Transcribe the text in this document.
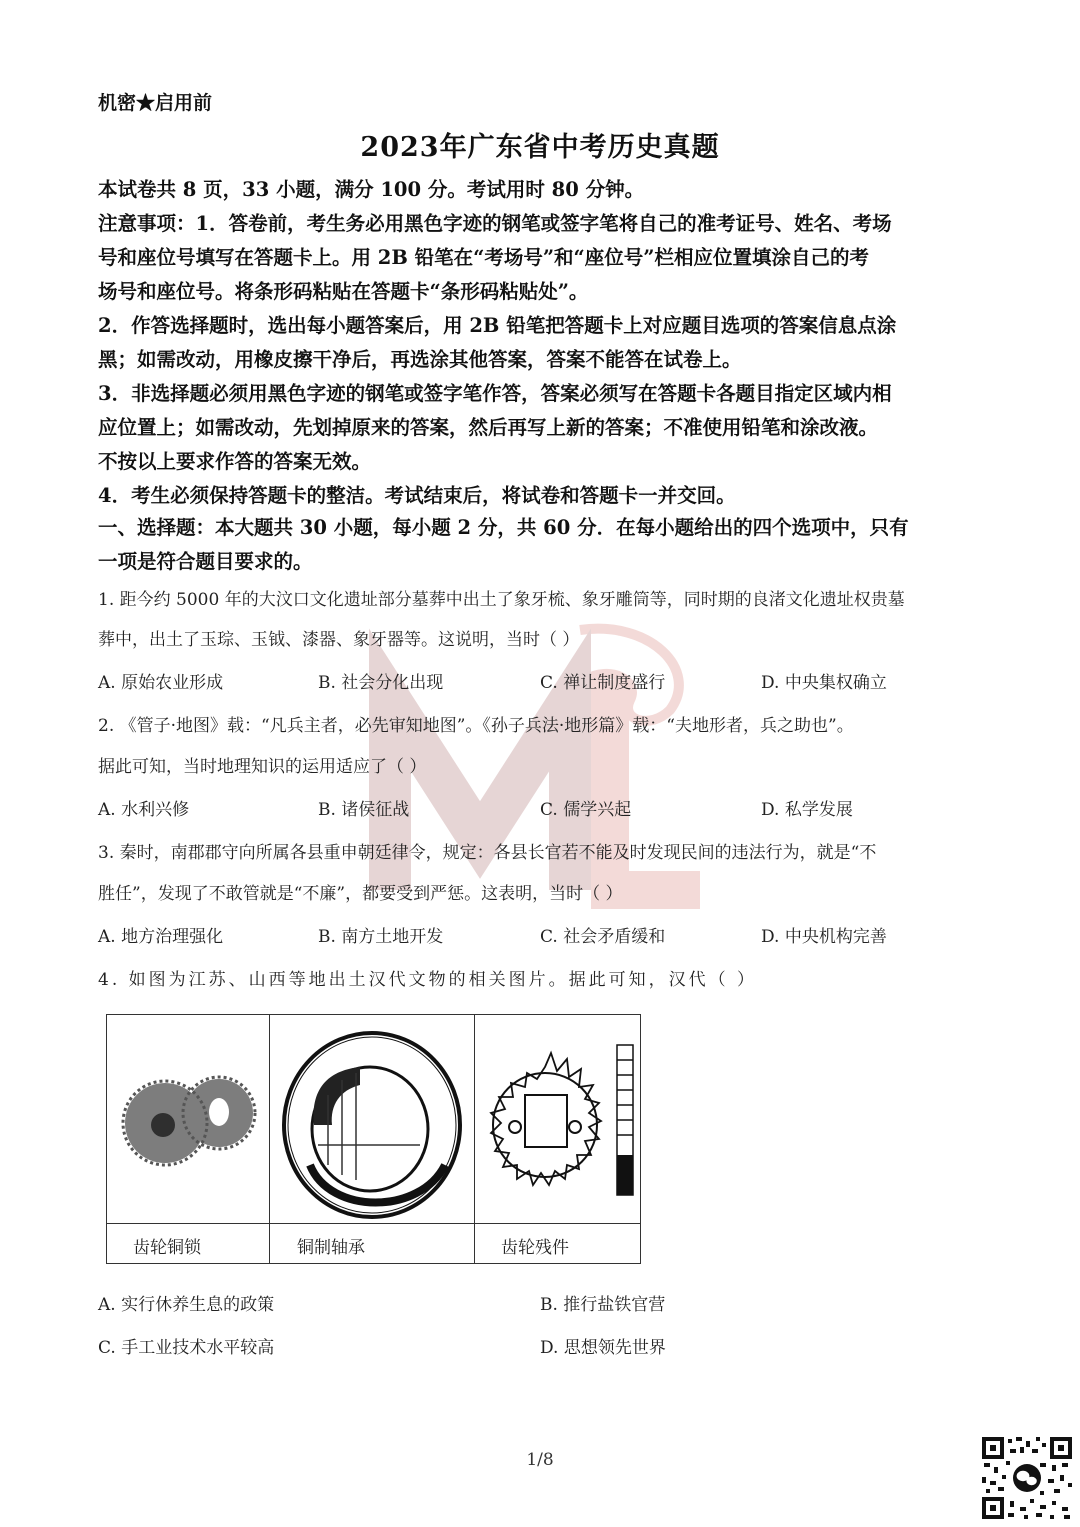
机密★启用前
2023年广东省中考历史真题
本试卷共 8 页，33 小题，满分 100 分。考试用时 80 分钟。
注意事项：1．答卷前，考生务必用黑色字迹的钢笔或签字笔将自己的准考证号、姓名、考场
号和座位号填写在答题卡上。用 2B 铅笔在“考场号”和“座位号”栏相应位置填涂自己的考
场号和座位号。将条形码粘贴在答题卡“条形码粘贴处”。
2．作答选择题时，选出每小题答案后，用 2B 铅笔把答题卡上对应题目选项的答案信息点涂
黑；如需改动，用橡皮擦干净后，再选涂其他答案，答案不能答在试卷上。
3．非选择题必须用黑色字迹的钢笔或签字笔作答，答案必须写在答题卡各题目指定区域内相
应位置上；如需改动，先划掉原来的答案，然后再写上新的答案；不准使用铅笔和涂改液。
不按以上要求作答的答案无效。
4．考生必须保持答题卡的整洁。考试结束后，将试卷和答题卡一并交回。
一、选择题：本大题共 30 小题，每小题 2 分，共 60 分．在每小题给出的四个选项中，只有
一项是符合题目要求的。
1. 距今约 5000 年的大汶口文化遗址部分墓葬中出土了象牙梳、象牙雕筒等，同时期的良渚文化遗址权贵墓
葬中，出土了玉琮、玉钺、漆器、象牙器等。这说明，当时（ ）
A. 原始农业形成	B. 社会分化出现	C. 禅让制度盛行	D. 中央集权确立
2. 《管子·地图》载：“凡兵主者，必先审知地图”。《孙子兵法·地形篇》载：“夫地形者，兵之助也”。
据此可知，当时地理知识的运用适应了（ ）
A. 水利兴修	B. 诸侯征战	C. 儒学兴起	D. 私学发展
3. 秦时，南郡郡守向所属各县重申朝廷律令，规定：各县长官若不能及时发现民间的违法行为，就是“不
胜任”，发现了不敢管就是“不廉”，都要受到严惩。这表明，当时（ ）
A. 地方治理强化	B. 南方土地开发	C. 社会矛盾缓和	D. 中央机构完善
4. 如图为江苏、山西等地出土汉代文物的相关图片。据此可知，汉代（ ）
齿轮铜锁	铜制轴承	齿轮残件
A. 实行休养生息的政策	B. 推行盐铁官营
C. 手工业技术水平较高	D. 思想领先世界
1/8
